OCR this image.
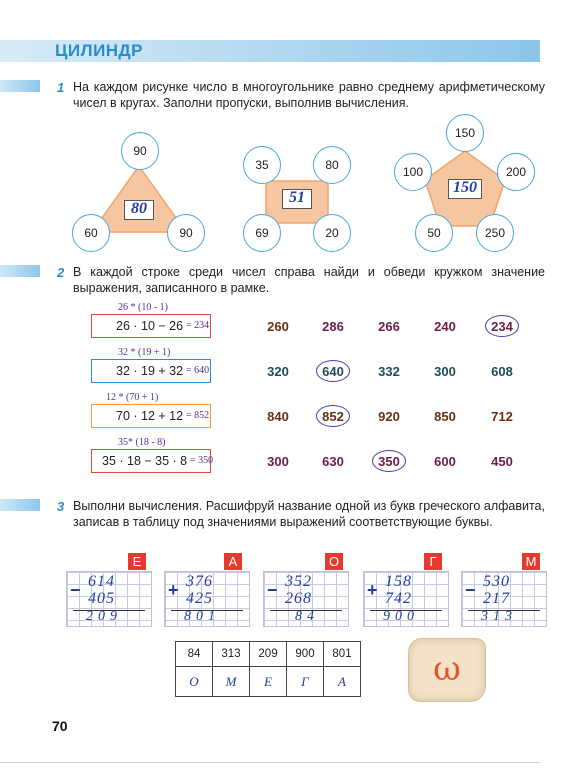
ЦИЛИНДР
1 На каждом рисунке число в многоугольнике равно среднему арифметическому чисел в кругах. Заполни пропуски, выполнив вычисления.
90
60	90
80
35	80
69	20
51
150
100	200
50	250
150
2 В каждой строке среди чисел справа найди и обведи кружком значение выражения, записанного в рамке.
26 * (10 - 1)
26 · 10 − 26 = 234	260	286	266	240	234
32 * (19 + 1)
32 · 19 + 32 = 640	320	640	332	300	608
12 * (70 + 1)
70 · 12 + 12 = 852	840	852	920	850	712
35* (18 - 8)
35 · 18 − 35 · 8 = 350	300	630	350	600	450
3 Выполни вычисления. Расшифруй название одной из букв греческого алфавита, записав в таблицу под значениями выражений соответствующие буквы.
Е
− 614
405
209
А
+ 376
425
801
О
− 352
268
84
Г
+ 158
742
900
М
− 530
217
313
84	313	209	900	801
О	М	Е	Г	А	ω
70
